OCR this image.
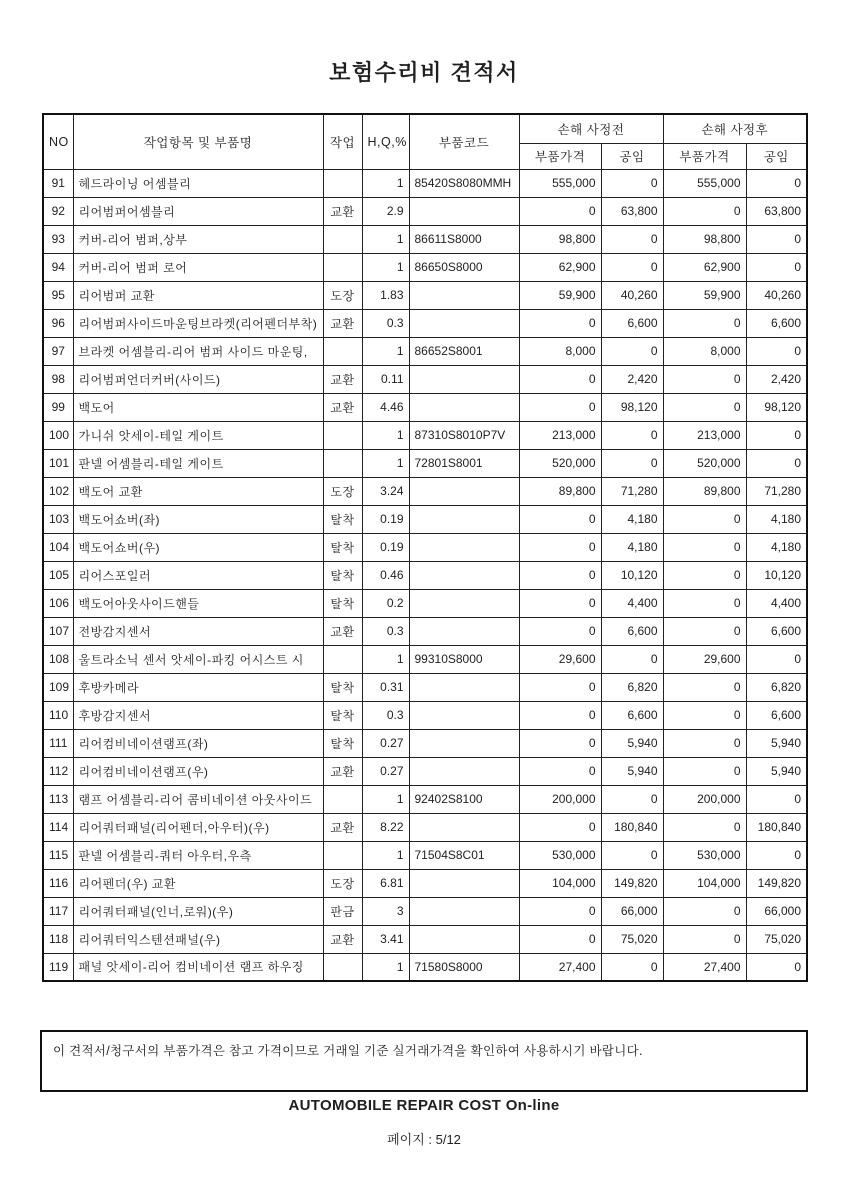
보험수리비 견적서
NO	작업항목 및 부품명	작업	H,Q,%	부품코드	손해 사정전		손해 사정후	
					부품가격	공임	부품가격	공임
91	헤드라이닝 어셈블리		1	85420S8080MMH	555,000	0	555,000	0
92	리어범퍼어셈블리	교환	2.9		0	63,800	0	63,800
93	커버-리어 범퍼,상부		1	86611S8000	98,800	0	98,800	0
94	커버-리어 범퍼 로어		1	86650S8000	62,900	0	62,900	0
95	리어범퍼 교환	도장	1.83		59,900	40,260	59,900	40,260
96	리어범퍼사이드마운팅브라켓(리어펜더부착)	교환	0.3		0	6,600	0	6,600
97	브라켓 어셈블리-리어 범퍼 사이드 마운팅,		1	86652S8001	8,000	0	8,000	0
98	리어범퍼언더커버(사이드)	교환	0.11		0	2,420	0	2,420
99	백도어	교환	4.46		0	98,120	0	98,120
100	가니쉬 앗세이-테일 게이트		1	87310S8010P7V	213,000	0	213,000	0
101	판넬 어셈블리-테일 게이트		1	72801S8001	520,000	0	520,000	0
102	백도어 교환	도장	3.24		89,800	71,280	89,800	71,280
103	백도어쇼버(좌)	탈착	0.19		0	4,180	0	4,180
104	백도어쇼버(우)	탈착	0.19		0	4,180	0	4,180
105	리어스포일러	탈착	0.46		0	10,120	0	10,120
106	백도어아웃사이드핸들	탈착	0.2		0	4,400	0	4,400
107	전방감지센서	교환	0.3		0	6,600	0	6,600
108	울트라소닉 센서 앗세이-파킹 어시스트 시		1	99310S8000	29,600	0	29,600	0
109	후방카메라	탈착	0.31		0	6,820	0	6,820
110	후방감지센서	탈착	0.3		0	6,600	0	6,600
111	리어컴비네이션램프(좌)	탈착	0.27		0	5,940	0	5,940
112	리어컴비네이션램프(우)	교환	0.27		0	5,940	0	5,940
113	램프 어셈블리-리어 콤비네이션 아웃사이드		1	92402S8100	200,000	0	200,000	0
114	리어쿼터패널(리어펜더,아우터)(우)	교환	8.22		0	180,840	0	180,840
115	판넬 어셈블리-쿼터 아우터,우측		1	71504S8C01	530,000	0	530,000	0
116	리어펜더(우) 교환	도장	6.81		104,000	149,820	104,000	149,820
117	리어쿼터패널(인너,로워)(우)	판금	3		0	66,000	0	66,000
118	리어쿼터익스텐션패널(우)	교환	3.41		0	75,020	0	75,020
119	패널 앗세이-리어 컴비네이션 램프 하우징		1	71580S8000	27,400	0	27,400	0
이 견적서/청구서의 부품가격은 참고 가격이므로 거래일 기준 실거래가격을 확인하여 사용하시기 바랍니다.
AUTOMOBILE REPAIR COST On-line
페이지 : 5/12
